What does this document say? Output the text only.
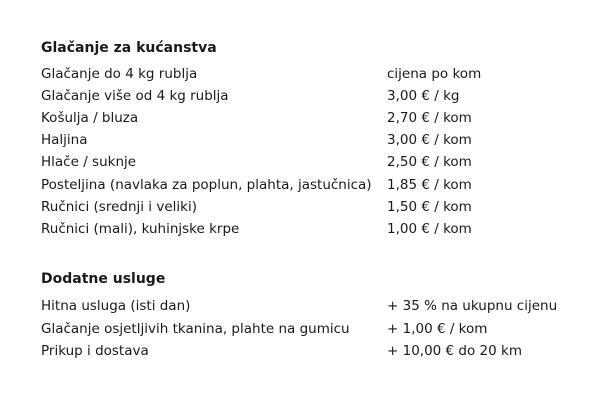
Glačanje za kućanstva
Glačanje do 4 kg rublja	cijena po kom
Glačanje više od 4 kg rublja	3,00 € / kg
Košulja / bluza	2,70 € / kom
Haljina	3,00 € / kom
Hlače / suknje	2,50 € / kom
Posteljina (navlaka za poplun, plahta, jastučnica) 1,85 € / kom
Ručnici (srednji i veliki)	1,50 € / kom
Ručnici (mali), kuhinjske krpe	1,00 € / kom
Dodatne usluge
Hitna usluga (isti dan)	+ 35 % na ukupnu cijenu
Glačanje osjetljivih tkanina, plahte na gumicu	+ 1,00 € / kom
Prikup i dostava	+ 10,00 € do 20 km
